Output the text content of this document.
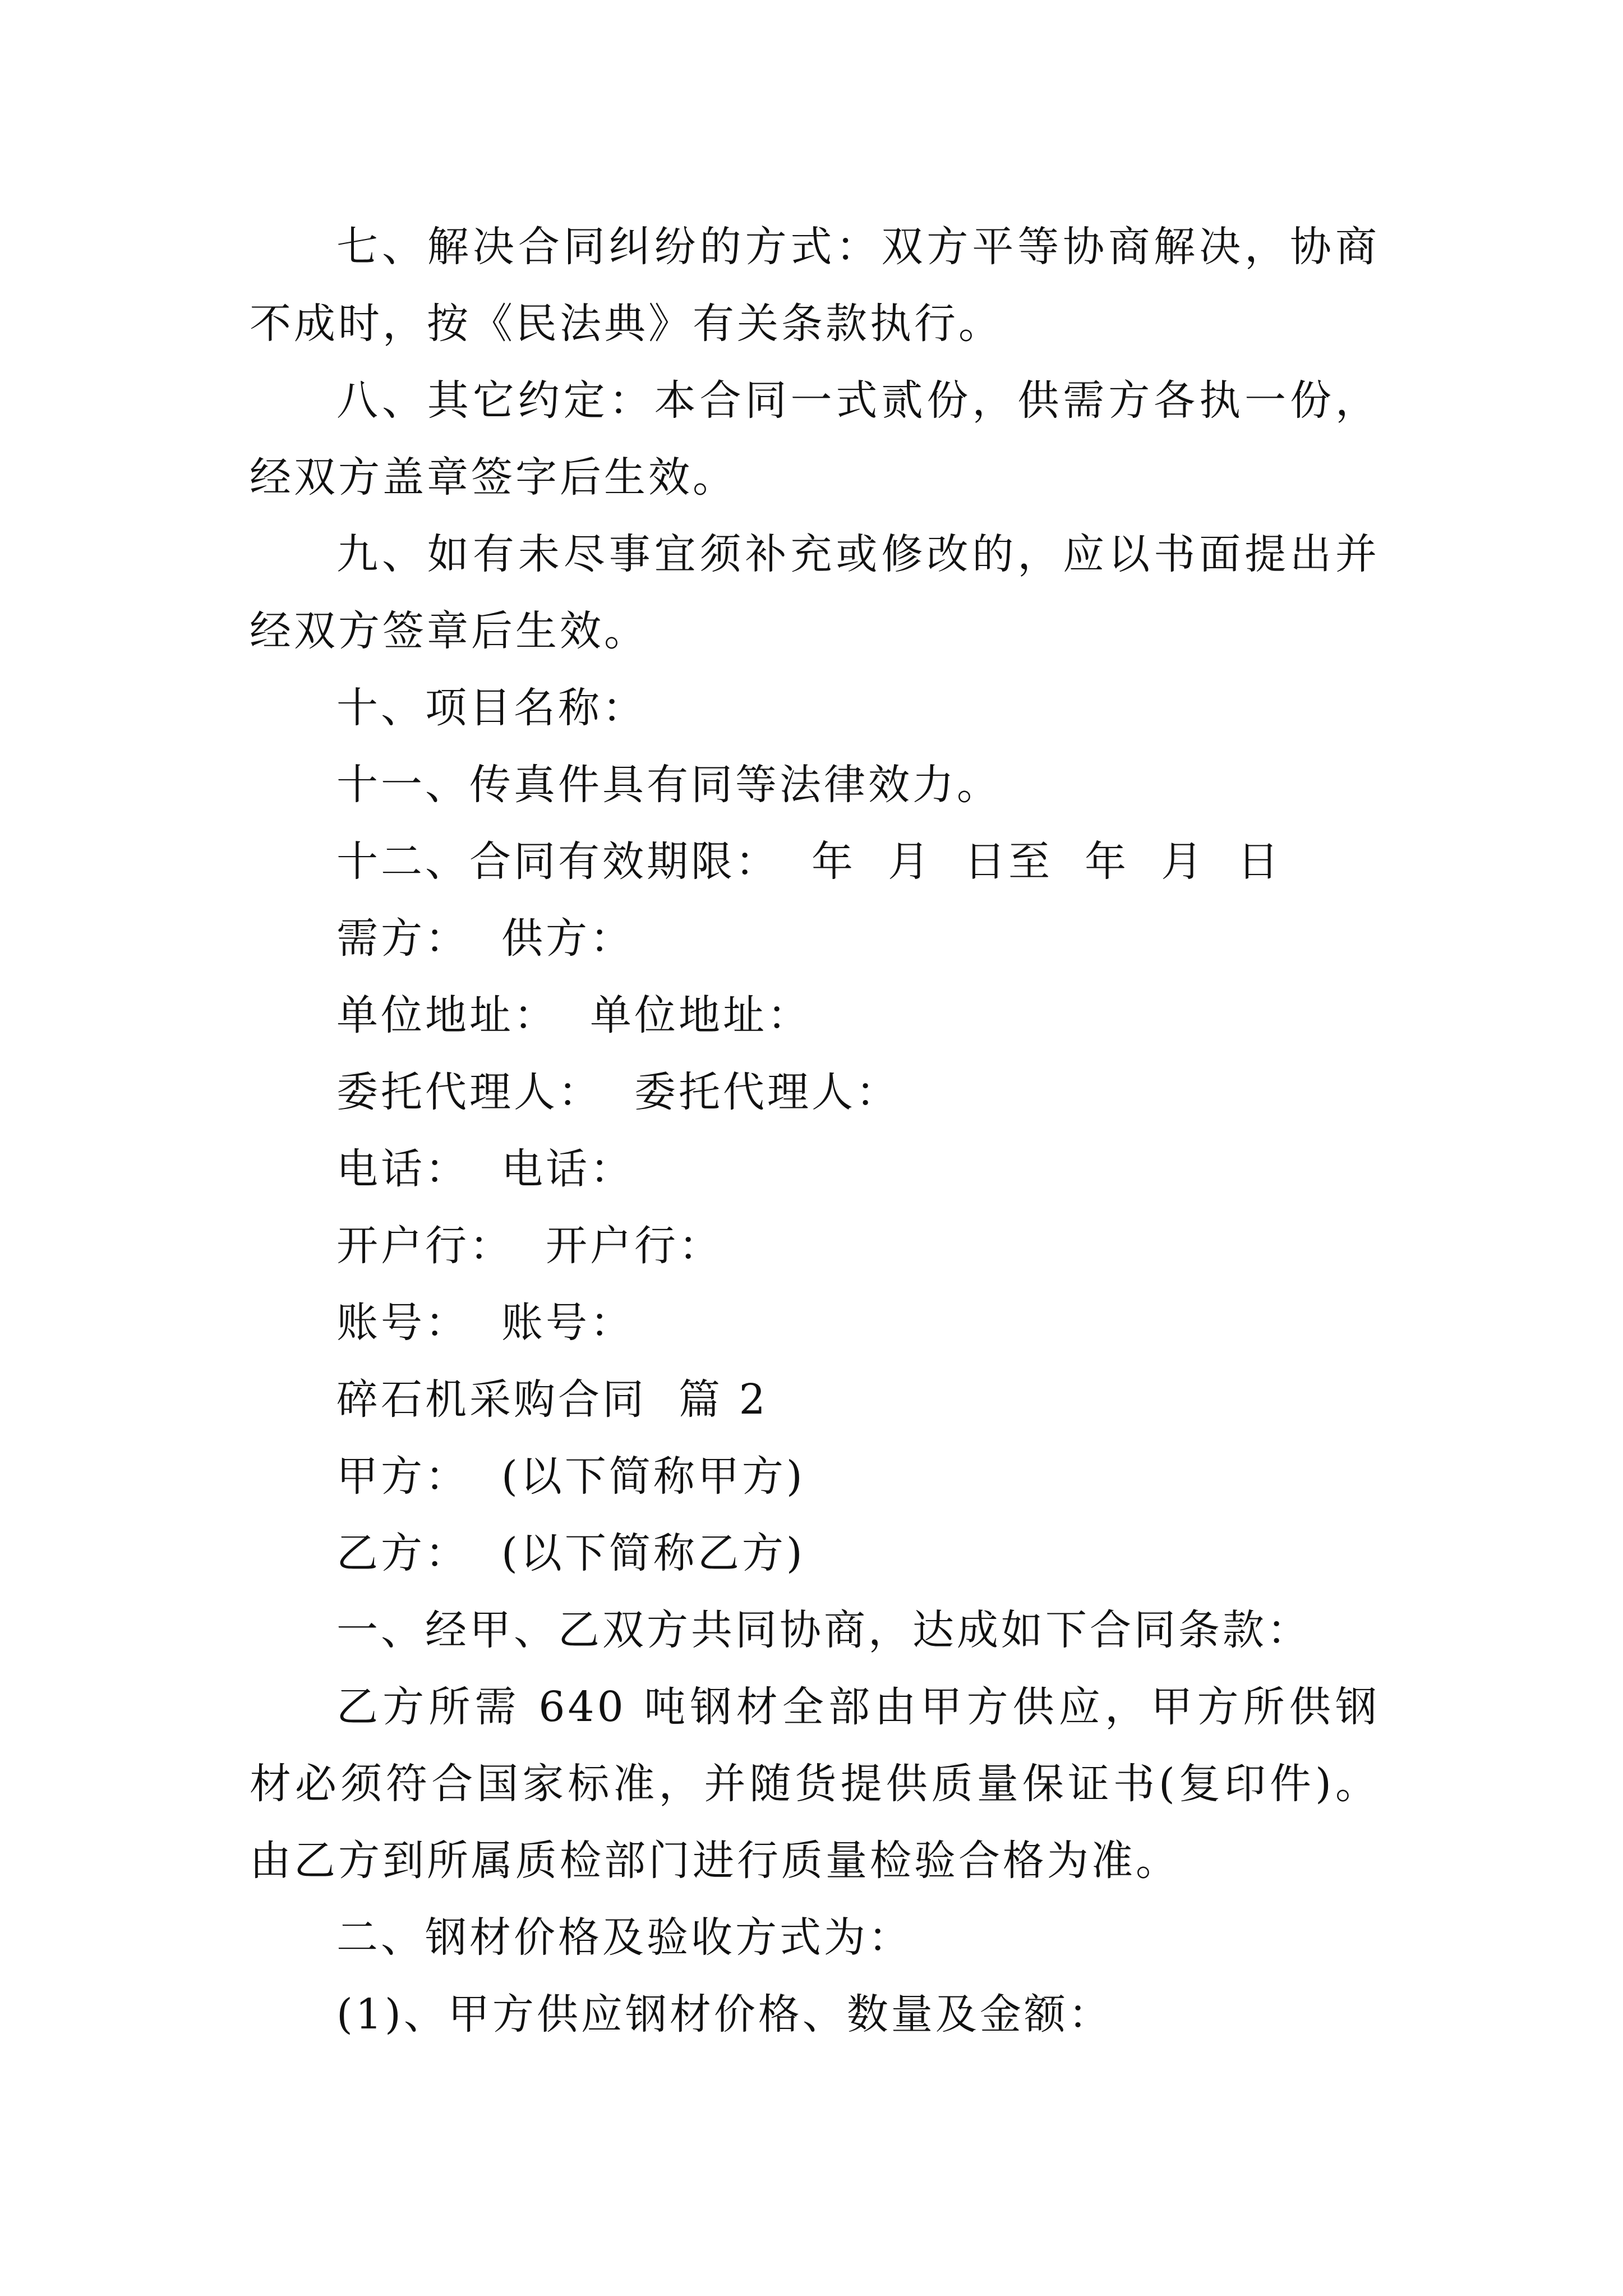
七、解决合同纠纷的方式：双方平等协商解决，协商不成时，按《民法典》有关条款执行。

八、其它约定：本合同一式贰份，供需方各执一份，经双方盖章签字后生效。

九、如有未尽事宜须补充或修改的，应以书面提出并经双方签章后生效。

十、项目名称：

十一、传真件具有同等法律效力。

十二、合同有效期限：  年  月  日至  年  月  日

需方：  供方：

单位地址：  单位地址：

委托代理人：  委托代理人：

电话：  电话：

开户行：  开户行：

账号：  账号：

碎石机采购合同  篇 2

甲方：  (以下简称甲方)

乙方：  (以下简称乙方)

一、经甲、乙双方共同协商，达成如下合同条款：

乙方所需 640 吨钢材全部由甲方供应，甲方所供钢材必须符合国家标准，并随货提供质量保证书(复印件)。由乙方到所属质检部门进行质量检验合格为准。

二、钢材价格及验收方式为：

(1)、甲方供应钢材价格、数量及金额：
